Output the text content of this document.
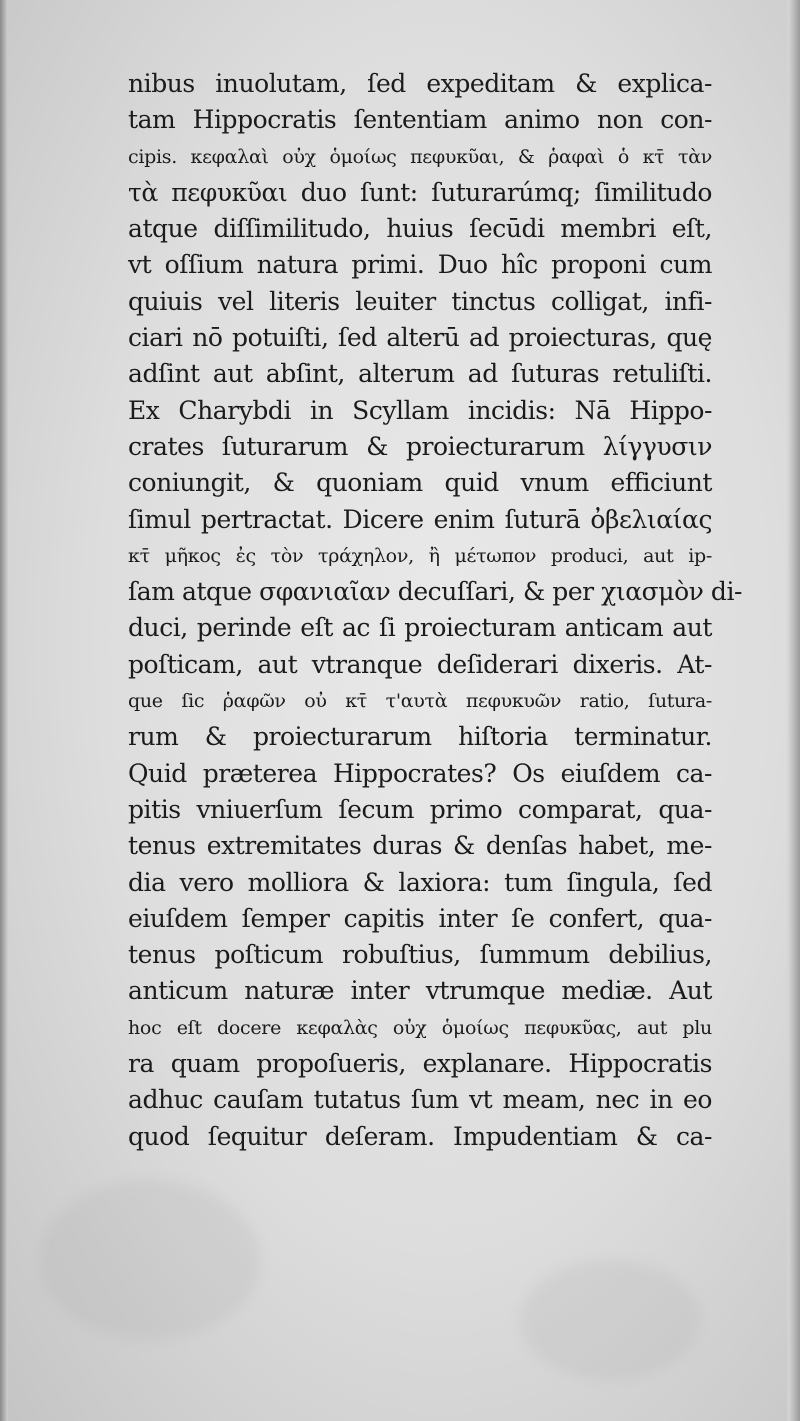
nibus inuolutam, ſed expeditam & explica-
tam Hippocratis ſententiam animo non con-
cipis. κεφαλαὶ οὐχ ὁμοίως πεφυκῦαι, & ῥαφαὶ ὁ κτ̄ τὰν
τὰ πεφυκῦαι duo ſunt: ſuturarúmq; ſimilitudo
atque diſſimilitudo, huius ſecūdi membri eſt,
vt oſſium natura primi. Duo hîc proponi cum
quiuis vel literis leuiter tinctus colligat, infi-
ciari nō potuiſti, ſed alterū ad proiecturas, quę
adſint aut abſint, alterum ad ſuturas retuliſti.
Ex Charybdi in Scyllam incidis: Nā Hippo-
crates ſuturarum & proiecturarum λίγγυσιν
coniungit, & quoniam quid vnum efficiunt
ſimul pertractat. Dicere enim ſuturā ὀβελιαίας
κτ̄ μῆκος ἐς τὸν τράχηλον, ἢ μέτωπον produci, aut ip-
ſam atque σφανιαῖαν decuſſari, & per χιασμὸν di-
duci, perinde eſt ac ſi proiecturam anticam aut
poſticam, aut vtranque deſiderari dixeris. At-
que ſic ῥαφῶν οὐ κτ̄ τ'αυτὰ πεφυκυῶν ratio, ſutura-
rum & proiecturarum hiſtoria terminatur.
Quid præterea Hippocrates? Os eiuſdem ca-
pitis vniuerſum ſecum primo comparat, qua-
tenus extremitates duras & denſas habet, me-
dia vero molliora & laxiora: tum ſingula, ſed
eiuſdem ſemper capitis inter ſe confert, qua-
tenus poſticum robuſtius, ſummum debilius,
anticum naturæ inter vtrumque mediæ. Aut
hoc eſt docere κεφαλὰς οὐχ ὁμοίως πεφυκῦας, aut plu
ra quam propoſueris, explanare. Hippocratis
adhuc cauſam tutatus ſum vt meam, nec in eo
quod ſequitur deſeram. Impudentiam & ca-
